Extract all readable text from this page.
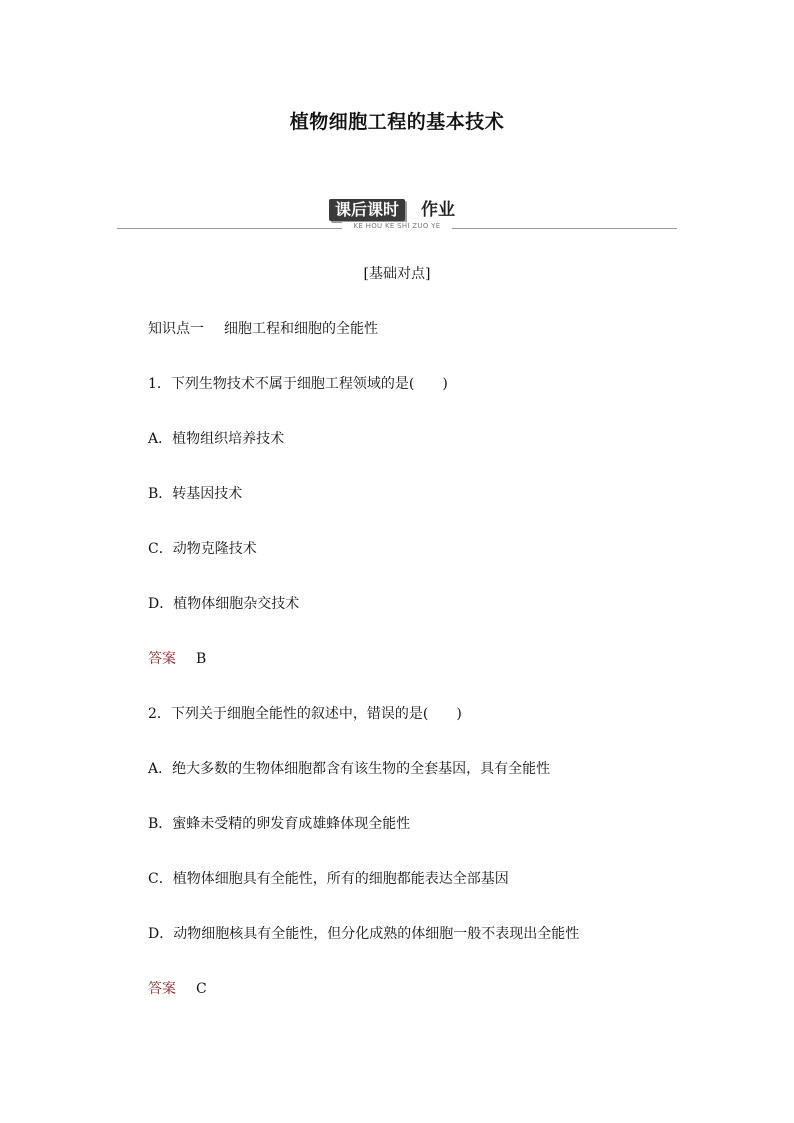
植物细胞工程的基本技术
课后课时	作业
KE HOU KE SHI ZUO YE
[基础对点]
知识点一 细胞工程和细胞的全能性
1．下列生物技术不属于细胞工程领域的是(　　)
A．植物组织培养技术
B．转基因技术
C．动物克隆技术
D．植物体细胞杂交技术
答案 B
2．下列关于细胞全能性的叙述中，错误的是(　　)
A．绝大多数的生物体细胞都含有该生物的全套基因，具有全能性
B．蜜蜂未受精的卵发育成雄蜂体现全能性
C．植物体细胞具有全能性，所有的细胞都能表达全部基因
D．动物细胞核具有全能性，但分化成熟的体细胞一般不表现出全能性
答案 C
